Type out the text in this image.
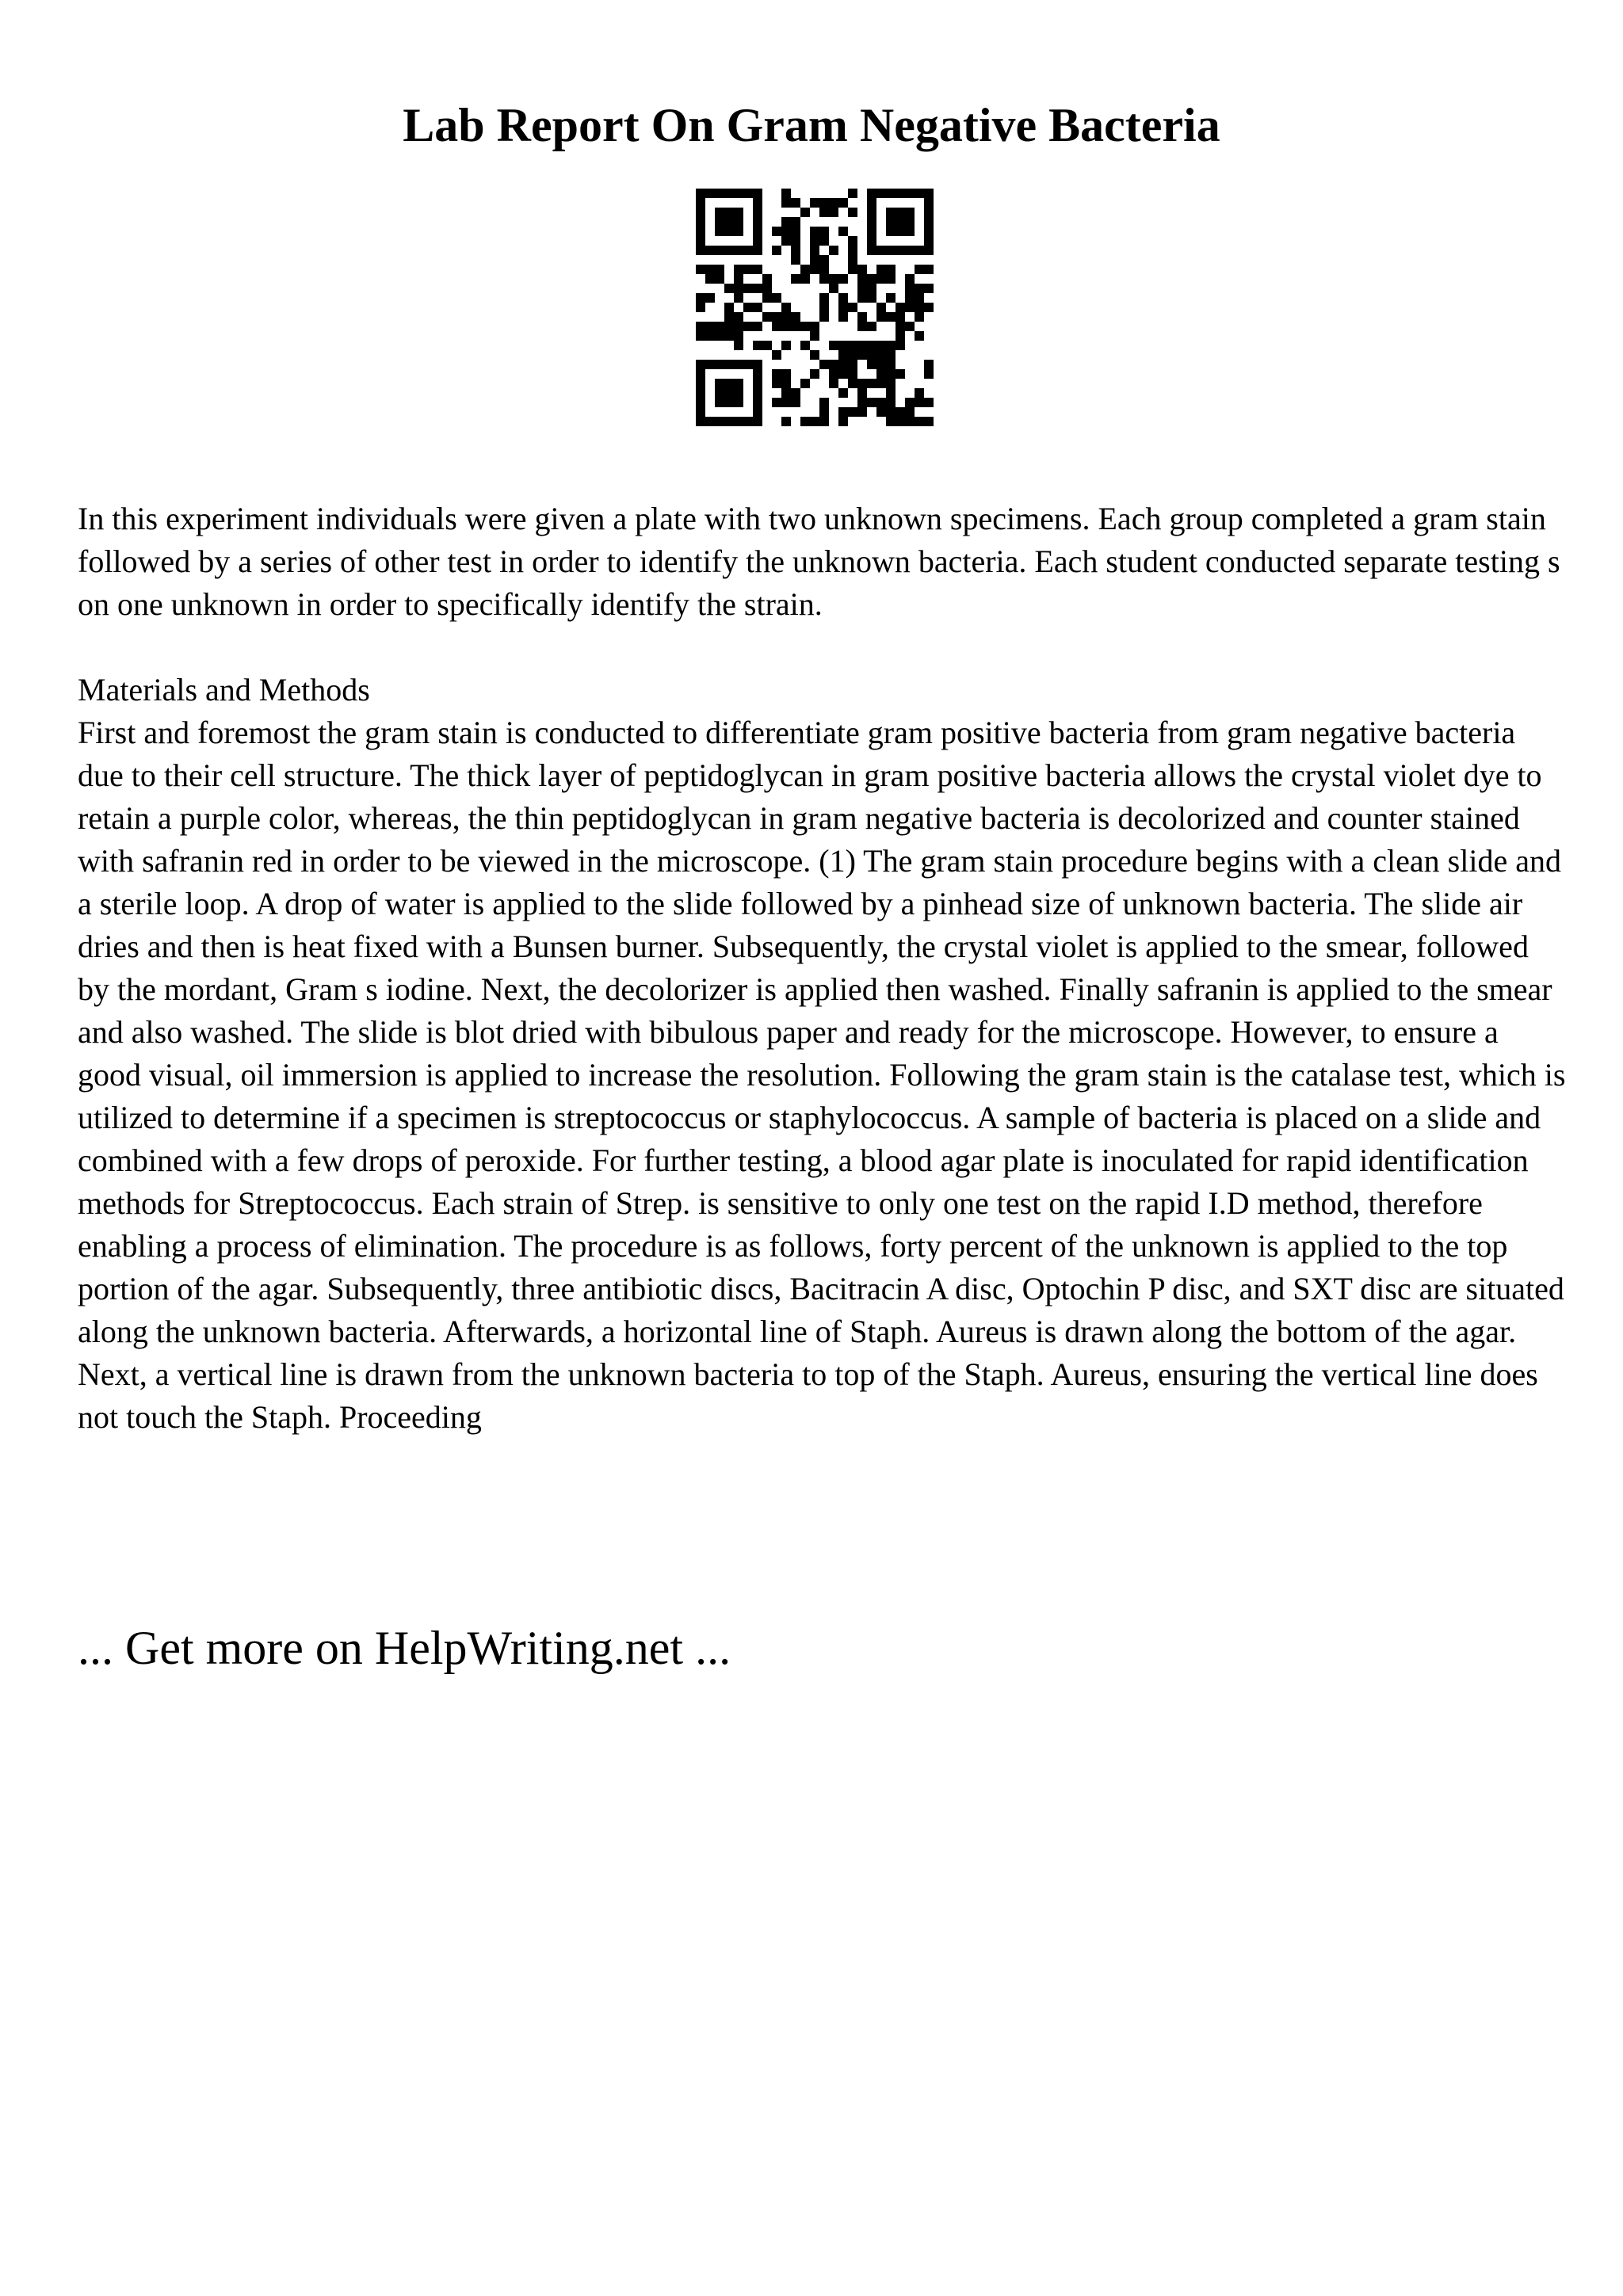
Lab Report On Gram Negative Bacteria

In this experiment individuals were given a plate with two unknown specimens. Each group completed a gram stain followed by a series of other test in order to identify the unknown bacteria. Each student conducted separate testing s on one unknown in order to specifically identify the strain.

Materials and Methods

First and foremost the gram stain is conducted to differentiate gram positive bacteria from gram negative bacteria due to their cell structure. The thick layer of peptidoglycan in gram positive bacteria allows the crystal violet dye to retain a purple color, whereas, the thin peptidoglycan in gram negative bacteria is decolorized and counter stained with safranin red in order to be viewed in the microscope. (1) The gram stain procedure begins with a clean slide and a sterile loop. A drop of water is applied to the slide followed by a pinhead size of unknown bacteria. The slide air dries and then is heat fixed with a Bunsen burner. Subsequently, the crystal violet is applied to the smear, followed by the mordant, Gram s iodine. Next, the decolorizer is applied then washed. Finally safranin is applied to the smear and also washed. The slide is blot dried with bibulous paper and ready for the microscope. However, to ensure a good visual, oil immersion is applied to increase the resolution. Following the gram stain is the catalase test, which is utilized to determine if a specimen is streptococcus or staphylococcus. A sample of bacteria is placed on a slide and combined with a few drops of peroxide. For further testing, a blood agar plate is inoculated for rapid identification methods for Streptococcus. Each strain of Strep. is sensitive to only one test on the rapid I.D method, therefore enabling a process of elimination. The procedure is as follows, forty percent of the unknown is applied to the top portion of the agar. Subsequently, three antibiotic discs, Bacitracin A disc, Optochin P disc, and SXT disc are situated along the unknown bacteria. Afterwards, a horizontal line of Staph. Aureus is drawn along the bottom of the agar. Next, a vertical line is drawn from the unknown bacteria to top of the Staph. Aureus, ensuring the vertical line does not touch the Staph. Proceeding

... Get more on HelpWriting.net ...
